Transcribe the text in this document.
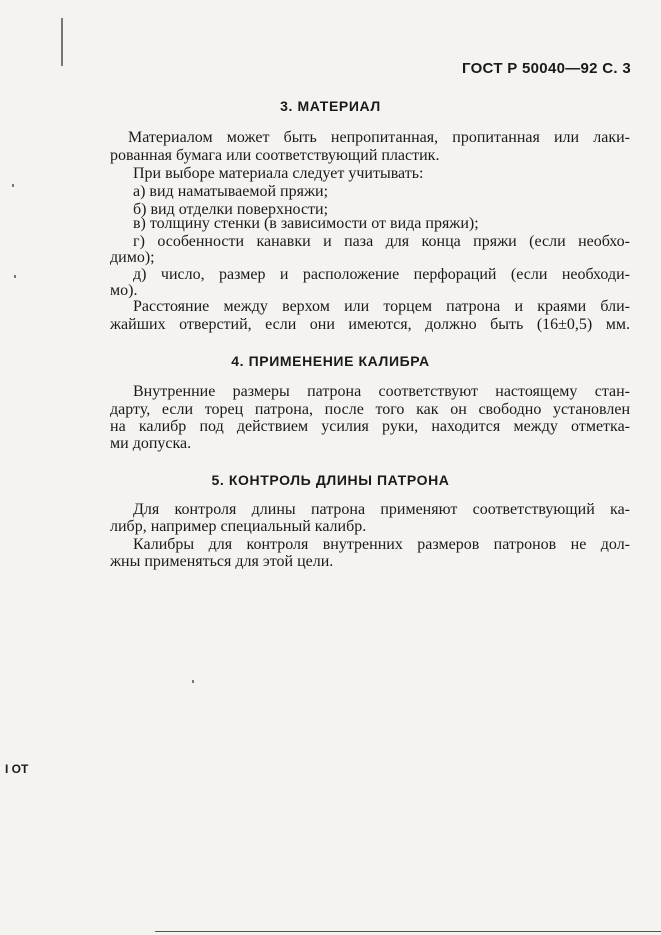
ГОСТ Р 50040—92 С. 3
3. МАТЕРИАЛ
Материалом может быть непропитанная, пропитанная или лаки-
рованная бумага или соответствующий пластик.
При выборе материала следует учитывать:
а) вид наматываемой пряжи;
б) вид отделки поверхности;
в) толщину стенки (в зависимости от вида пряжи);
г) особенности канавки и паза для конца пряжи (если необхо-
димо);
д) число, размер и расположение перфораций (если необходи-
мо).
Расстояние между верхом или торцем патрона и краями бли-
жайших отверстий, если они имеются, должно быть (16±0,5) мм.
4. ПРИМЕНЕНИЕ КАЛИБРА
Внутренние размеры патрона соответствуют настоящему стан-
дарту, если торец патрона, после того как он свободно установлен
на калибр под действием усилия руки, находится между отметка-
ми допуска.
5. КОНТРОЛЬ ДЛИНЫ ПАТРОНА
Для контроля длины патрона применяют соответствующий ка-
либр, например специальный калибр.
Калибры для контроля внутренних размеров патронов не дол-
жны применяться для этой цели.
I ОТ
